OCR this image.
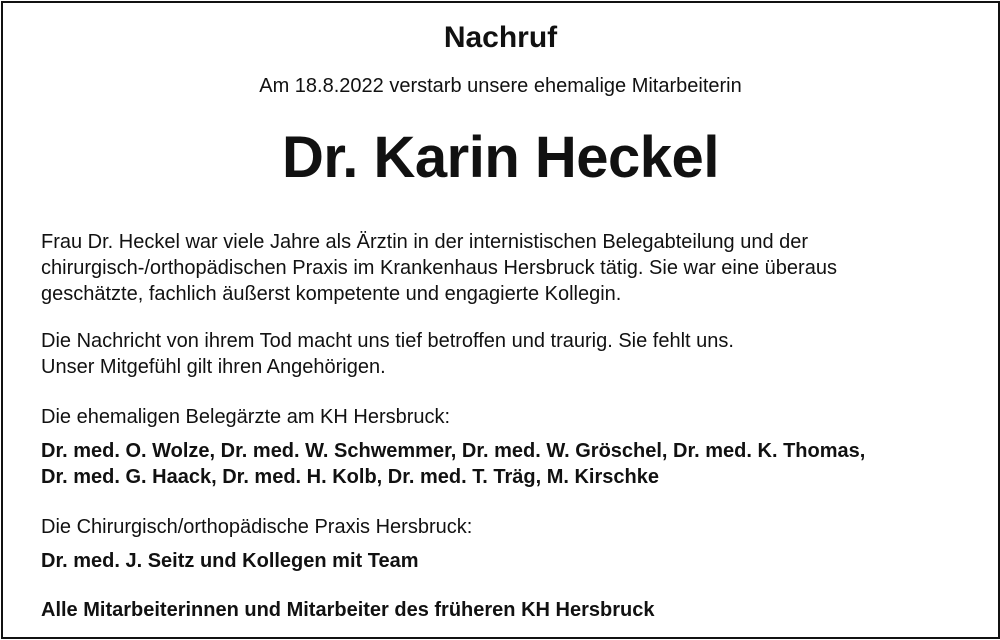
Nachruf
Am 18.8.2022 verstarb unsere ehemalige Mitarbeiterin
Dr. Karin Heckel
Frau Dr. Heckel war viele Jahre als Ärztin in der internistischen Belegabteilung und der
chirurgisch-/orthopädischen Praxis im Krankenhaus Hersbruck tätig. Sie war eine überaus
geschätzte, fachlich äußerst kompetente und engagierte Kollegin.
Die Nachricht von ihrem Tod macht uns tief betroffen und traurig. Sie fehlt uns.
Unser Mitgefühl gilt ihren Angehörigen.
Die ehemaligen Belegärzte am KH Hersbruck:
Dr. med. O. Wolze, Dr. med. W. Schwemmer, Dr. med. W. Gröschel, Dr. med. K. Thomas,
Dr. med. G. Haack, Dr. med. H. Kolb, Dr. med. T. Träg, M. Kirschke
Die Chirurgisch/orthopädische Praxis Hersbruck:
Dr. med. J. Seitz und Kollegen mit Team
Alle Mitarbeiterinnen und Mitarbeiter des früheren KH Hersbruck
